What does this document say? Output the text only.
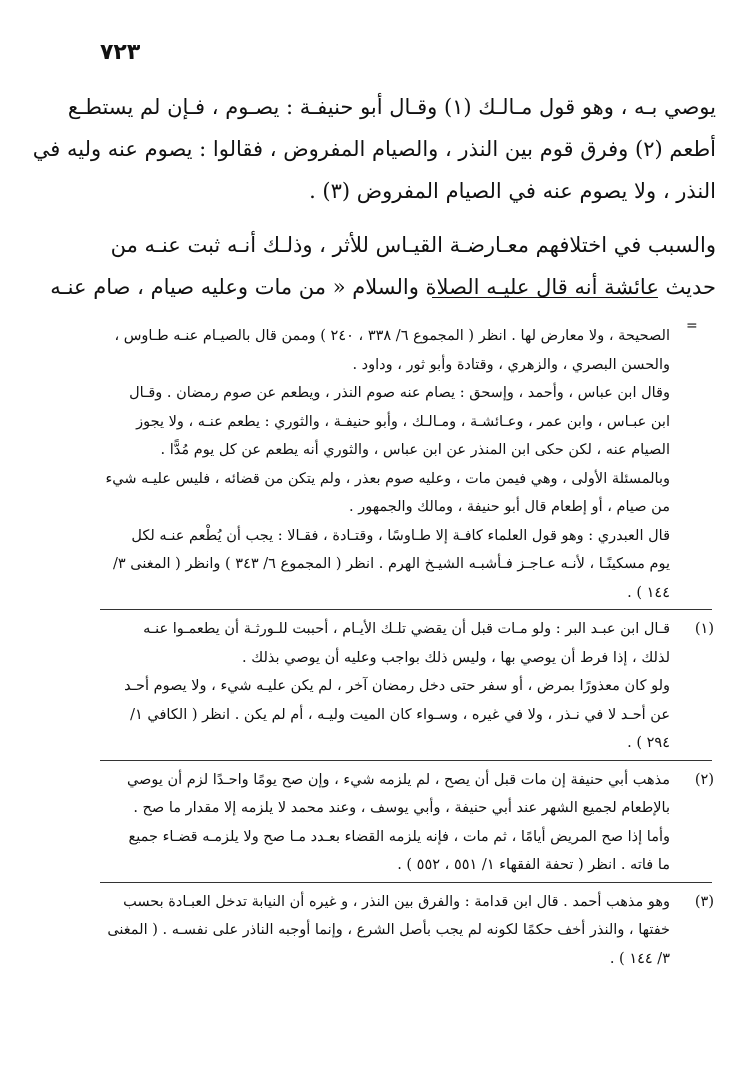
٧٢٣
يوصي بـه ، وهو قول مـالـك (١) وقـال أبو حنيفـة : يصـوم ، فـإن لم يستطـع
أطعم (٢) وفرق قوم بين النذر ، والصيام المفروض ، فقالوا : يصوم عنه وليه في
النذر ، ولا يصوم عنه في الصيام المفروض (٣) .
والسبب في اختلافهم معـارضـة القيـاس للأثر ، وذلـك أنـه ثبت عنـه من
حديث عائشة أنه قال عليـه الصلاة والسلام « من مات وعليه صيام ، صام عنـه
=
الصحيحة ، ولا معارض لها . انظر ( المجموع ٦/ ٣٣٨ ، ٢٤٠ ) وممن قال بالصيـام عنـه طـاوس ،
والحسن البصري ، والزهري ، وقتادة وأبو ثور ، وداود .
وقال ابن عباس ، وأحمد ، وإسحق : يصام عنه صوم النذر ، ويطعم عن صوم رمضان . وقـال
ابن عبـاس ، وابن عمر ، وعـائشـة ، ومـالـك ، وأبو حنيفـة ، والثوري : يطعم عنـه ، ولا يجوز
الصيام عنه ، لكن حكى ابن المنذر عن ابن عباس ، والثوري أنه يطعم عن كل يوم مُدًّا .
وبالمسئلة الأولى ، وهي فيمن مات ، وعليه صوم بعذر ، ولم يتكن من قضائه ، فليس عليـه شيء
من صيام ، أو إطعام قال أبو حنيفة ، ومالك والجمهور .
قال العبدري : وهو قول العلماء كافـة إلا طـاوسًا ، وقتـادة ، فقـالا : يجب أن يُطْعم عنـه لكل
يوم مسكينًـا ، لأنـه عـاجـز فـأشبـه الشيـخ الهرم . انظر ( المجموع ٦/ ٣٤٣ ) وانظر ( المغنى ٣/
١٤٤ ) .
(١)
قـال ابن عبـد البر : ولو مـات قبل أن يقضي تلـك الأيـام ، أحببت للـورثـة أن يطعمـوا عنـه
لذلك ، إذا فرط أن يوصي بها ، وليس ذلك بواجب وعليه أن يوصي بذلك .
ولو كان معذورًا بمرض ، أو سفر حتى دخل رمضان آخر ، لم يكن عليـه شيء ، ولا يصوم أحـد
عن أحـد لا في نـذر ، ولا في غيره ، وسـواء كان الميت وليـه ، أم لم يكن . انظر ( الكافي ١/
٢٩٤ ) .
(٢)
مذهب أبي حنيفة إن مات قبل أن يصح ، لم يلزمه شيء ، وإن صح يومًا واحـدًا لزم أن يوصي
بالإطعام لجميع الشهر عند أبي حنيفة ، وأبي يوسف ، وعند محمد لا يلزمه إلا مقدار ما صح .
وأما إذا صح المريض أيامًا ، ثم مات ، فإنه يلزمه القضاء بعـدد مـا صح ولا يلزمـه قضـاء جميع
ما فاته . انظر ( تحفة الفقهاء ١/ ٥٥١ ، ٥٥٢ ) .
(٣)
وهو مذهب أحمد . قال ابن قدامة : والفرق بين النذر ، و غيره أن النيابة تدخل العبـادة بحسب
خفتها ، والنذر أخف حكمًا لكونه لم يجب بأصل الشرع ، وإنما أوجبه الناذر على نفسـه . ( المغنى
٣/ ١٤٤ ) .
